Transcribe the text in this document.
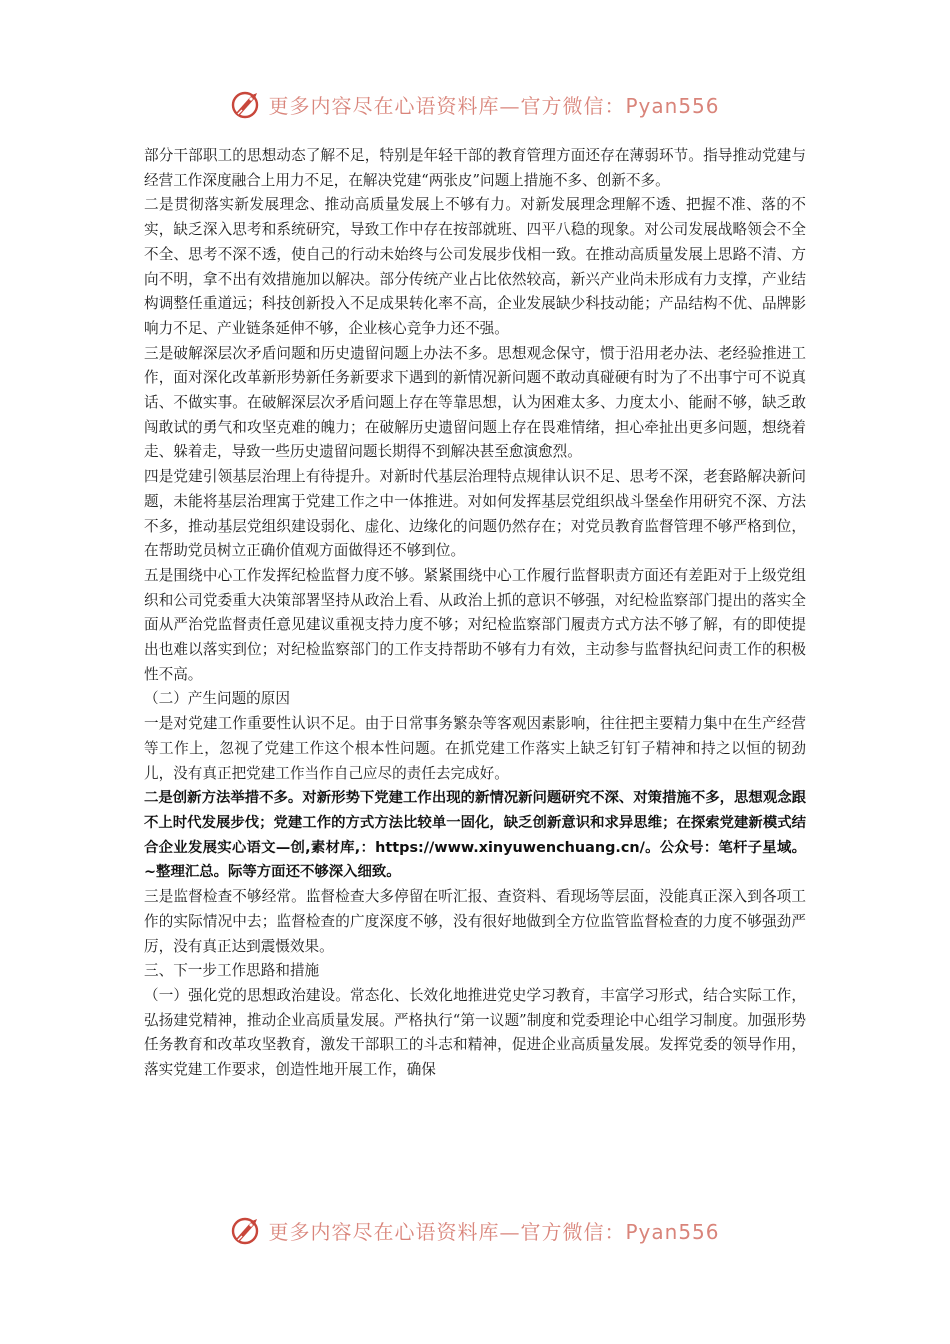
更多内容尽在心语资料库—官方微信：Pyan556

部分干部职工的思想动态了解不足，特别是年轻干部的教育管理方面还存在薄弱环节。指导推动党建与经营工作深度融合上用力不足，在解决党建“两张皮”问题上措施不多、创新不多。

二是贯彻落实新发展理念、推动高质量发展上不够有力。对新发展理念理解不透、把握不准、落的不实，缺乏深入思考和系统研究，导致工作中存在按部就班、四平八稳的现象。对公司发展战略领会不全不全、思考不深不透，使自己的行动未始终与公司发展步伐相一致。在推动高质量发展上思路不清、方向不明，拿不出有效措施加以解决。部分传统产业占比依然较高，新兴产业尚未形成有力支撑，产业结构调整任重道远；科技创新投入不足成果转化率不高，企业发展缺少科技动能；产品结构不优、品牌影响力不足、产业链条延伸不够，企业核心竞争力还不强。

三是破解深层次矛盾问题和历史遗留问题上办法不多。思想观念保守，惯于沿用老办法、老经验推进工作，面对深化改革新形势新任务新要求下遇到的新情况新问题不敢动真碰硬有时为了不出事宁可不说真话、不做实事。在破解深层次矛盾问题上存在等靠思想，认为困难太多、力度太小、能耐不够，缺乏敢闯敢试的勇气和攻坚克难的魄力；在破解历史遗留问题上存在畏难情绪，担心牵扯出更多问题，想绕着走、躲着走，导致一些历史遗留问题长期得不到解决甚至愈演愈烈。

四是党建引领基层治理上有待提升。对新时代基层治理特点规律认识不足、思考不深，老套路解决新问题，未能将基层治理寓于党建工作之中一体推进。对如何发挥基层党组织战斗堡垒作用研究不深、方法不多，推动基层党组织建设弱化、虚化、边缘化的问题仍然存在；对党员教育监督管理不够严格到位，在帮助党员树立正确价值观方面做得还不够到位。

五是围绕中心工作发挥纪检监督力度不够。紧紧围绕中心工作履行监督职责方面还有差距对于上级党组织和公司党委重大决策部署坚持从政治上看、从政治上抓的意识不够强，对纪检监察部门提出的落实全面从严治党监督责任意见建议重视支持力度不够；对纪检监察部门履责方式方法不够了解，有的即使提出也难以落实到位；对纪检监察部门的工作支持帮助不够有力有效，主动参与监督执纪问责工作的积极性不高。

（二）产生问题的原因

一是对党建工作重要性认识不足。由于日常事务繁杂等客观因素影响，往往把主要精力集中在生产经营等工作上，忽视了党建工作这个根本性问题。在抓党建工作落实上缺乏钉钉子精神和持之以恒的韧劲儿，没有真正把党建工作当作自己应尽的责任去完成好。

二是创新方法举措不多。对新形势下党建工作出现的新情况新问题研究不深、对策措施不多，思想观念跟不上时代发展步伐；党建工作的方式方法比较单一固化，缺乏创新意识和求异思维；在探索党建新模式结合企业发展实心语文—创,素材库,：https://www.xinyuwenchuang.cn/。公众号：笔杆子星域。~整理汇总。际等方面还不够深入细致。

三是监督检查不够经常。监督检查大多停留在听汇报、查资料、看现场等层面，没能真正深入到各项工作的实际情况中去；监督检查的广度深度不够，没有很好地做到全方位监管监督检查的力度不够强劲严厉，没有真正达到震慑效果。

三、下一步工作思路和措施

（一）强化党的思想政治建设。常态化、长效化地推进党史学习教育，丰富学习形式，结合实际工作，弘扬建党精神，推动企业高质量发展。严格执行“第一议题”制度和党委理论中心组学习制度。加强形势任务教育和改革攻坚教育，激发干部职工的斗志和精神，促进企业高质量发展。发挥党委的领导作用，落实党建工作要求，创造性地开展工作，确保

更多内容尽在心语资料库—官方微信：Pyan556
